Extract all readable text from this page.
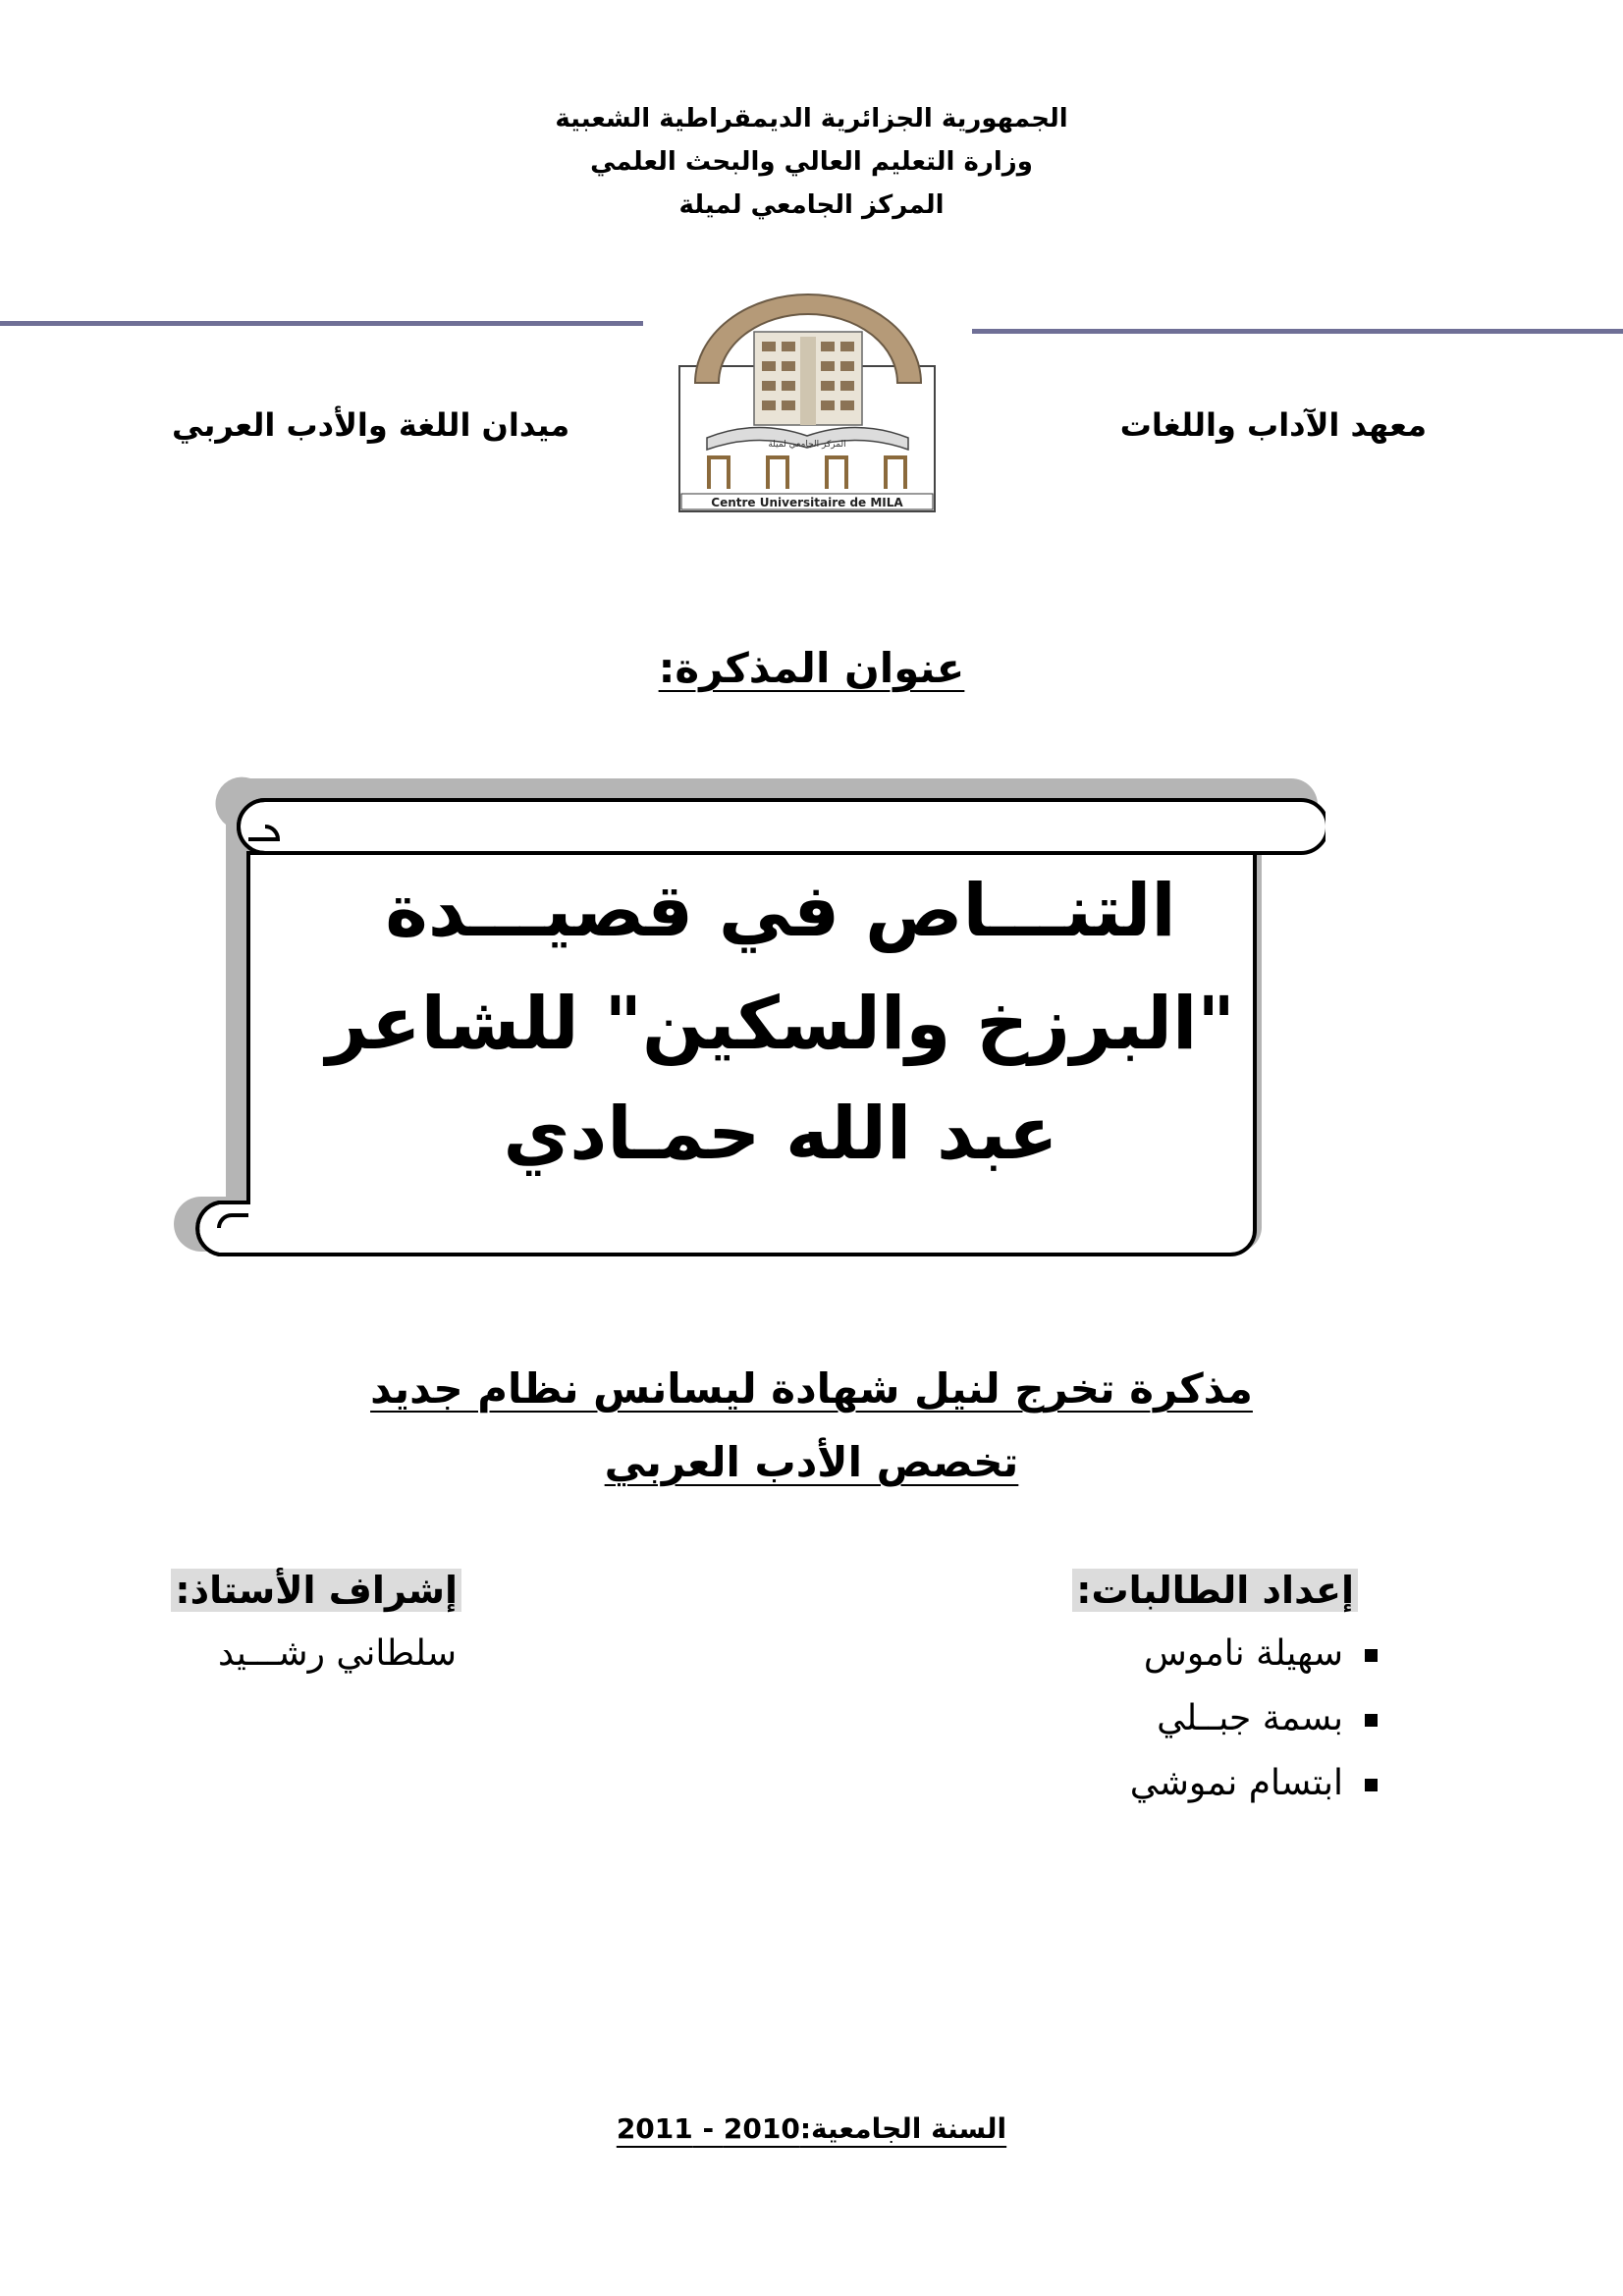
الجمهورية الجزائرية الديمقراطية الشعبية
وزارة التعليم العالي والبحث العلمي
المركز الجامعي لميلة
المركز الجامعي لميلة
Centre Universitaire de MILA
معهد الآداب واللغات
ميدان اللغة والأدب العربي
عنوان المذكرة:
التنـــاص في قصيـــدة
"البرزخ والسكين" للشاعر
عبد الله حمـادي
مذكرة تخرج لنيل شهادة ليسانس نظام جديد
تخصص الأدب العربي
إعداد الطالبات:
سهيلة ناموس
بسمة جبــلي
ابتسام نموشي
إشراف الأستاذ:
سلطاني رشـــيد
السنة الجامعية:2010 - 2011
